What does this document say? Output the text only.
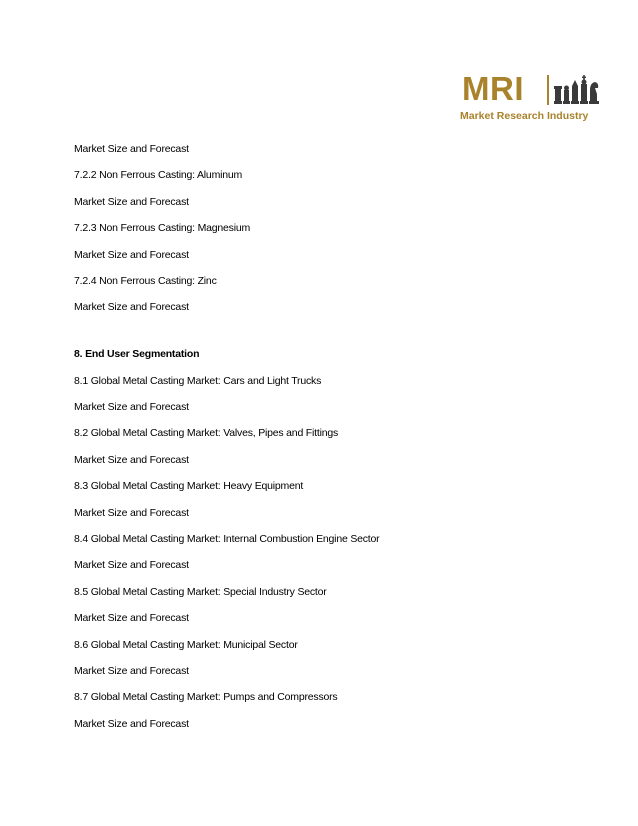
MRI
Market Research Industry
Market Size and Forecast
7.2.2 Non Ferrous Casting: Aluminum
Market Size and Forecast
7.2.3 Non Ferrous Casting: Magnesium
Market Size and Forecast
7.2.4 Non Ferrous Casting: Zinc
Market Size and Forecast
8. End User Segmentation
8.1 Global Metal Casting Market: Cars and Light Trucks
Market Size and Forecast
8.2 Global Metal Casting Market: Valves, Pipes and Fittings
Market Size and Forecast
8.3 Global Metal Casting Market: Heavy Equipment
Market Size and Forecast
8.4 Global Metal Casting Market: Internal Combustion Engine Sector
Market Size and Forecast
8.5 Global Metal Casting Market: Special Industry Sector
Market Size and Forecast
8.6 Global Metal Casting Market: Municipal Sector
Market Size and Forecast
8.7 Global Metal Casting Market: Pumps and Compressors
Market Size and Forecast
